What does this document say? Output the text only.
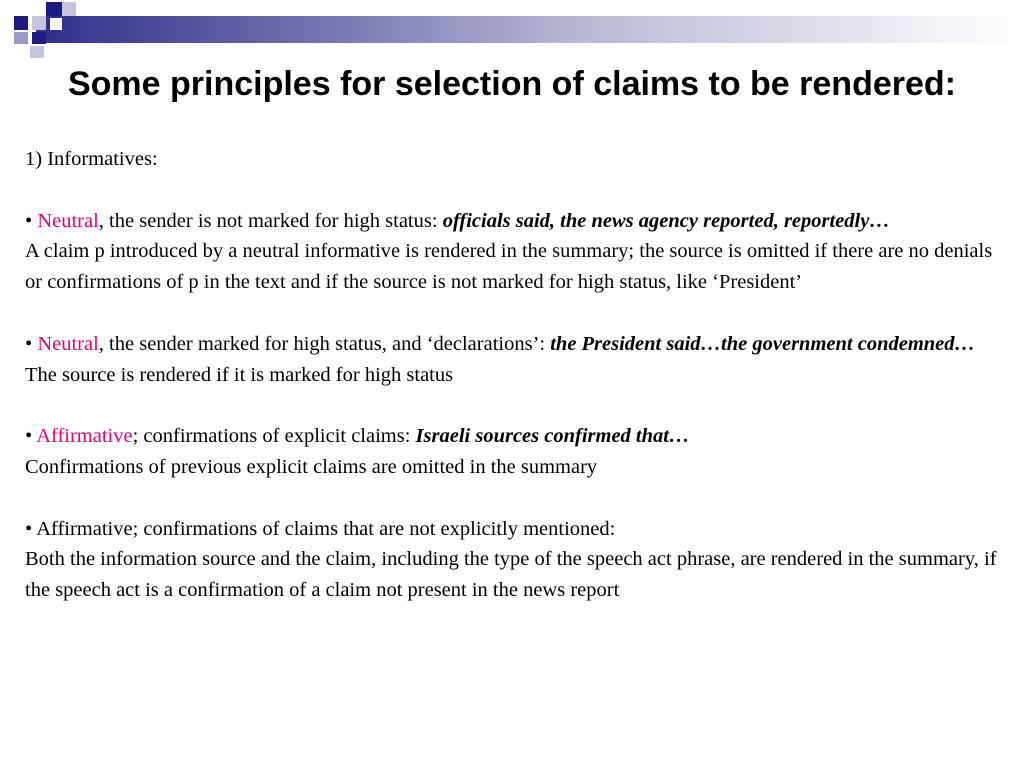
Some principles for selection of claims to be rendered:

1) Informatives:

• Neutral, the sender is not marked for high status: officials said, the news agency reported, reportedly…

A claim p introduced by a neutral informative is rendered in the summary; the source is omitted if there are no denials or confirmations of p in the text and if the source is not marked for high status, like ‘President’

• Neutral, the sender marked for high status, and ‘declarations’: the President said…the government condemned…

The source is rendered if it is marked for high status

• Affirmative; confirmations of explicit claims: Israeli sources confirmed that…

Confirmations of previous explicit claims are omitted in the summary

• Affirmative; confirmations of claims that are not explicitly mentioned:

Both the information source and the claim, including the type of the speech act phrase, are rendered in the summary, if the speech act is a confirmation of a claim not present in the news report
